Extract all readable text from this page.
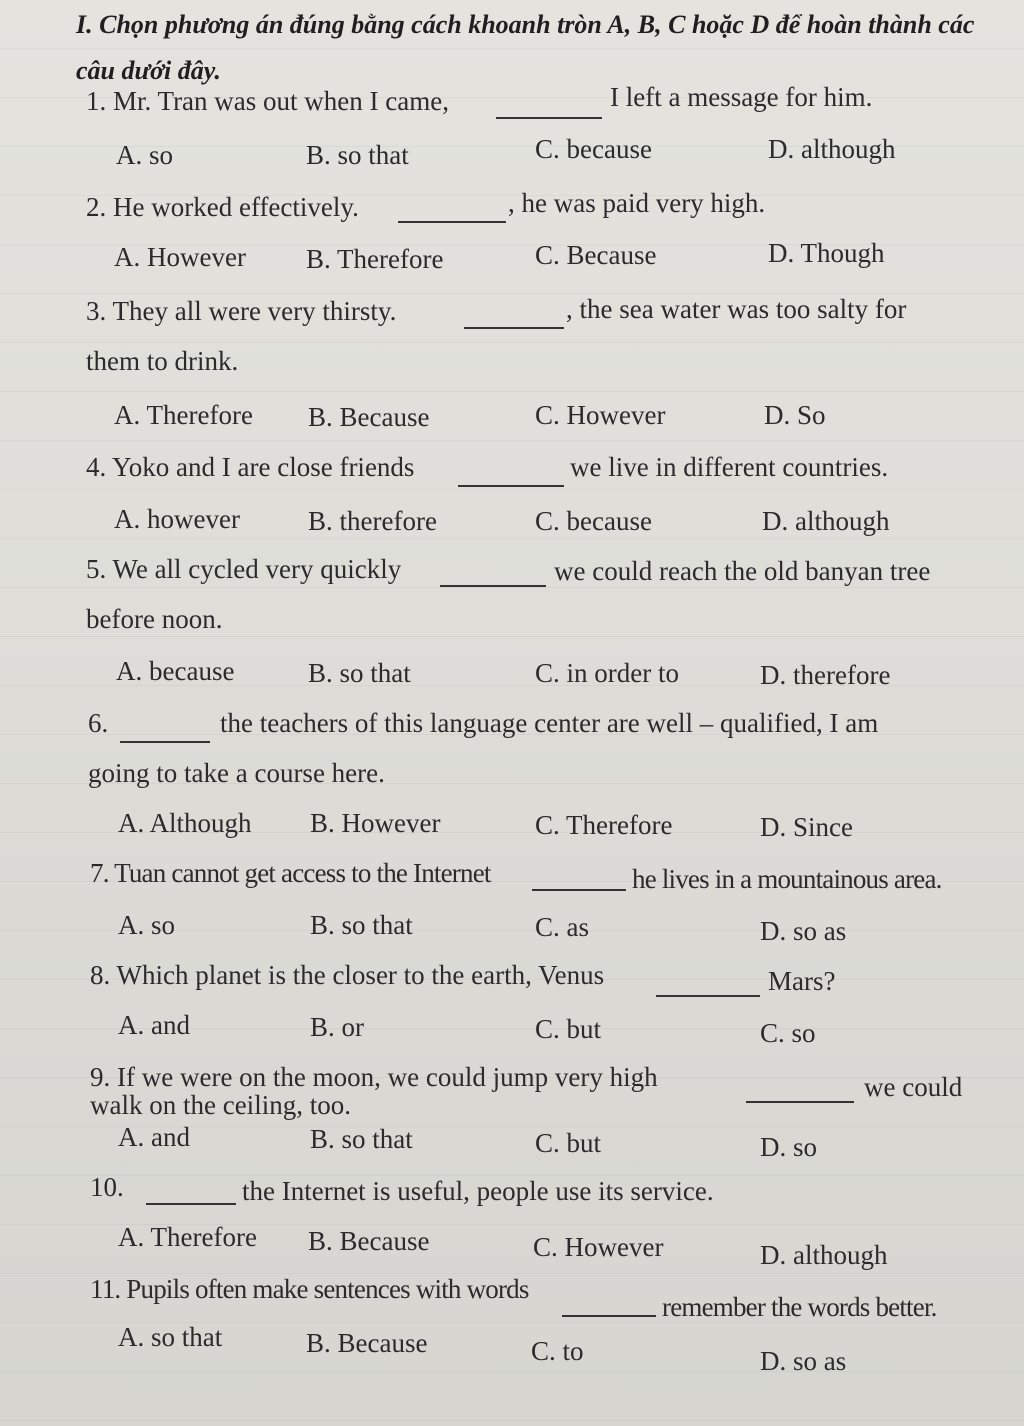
I. Chọn phương án đúng bằng cách khoanh tròn A, B, C hoặc D để hoàn thành các câu dưới đây.
1. Mr. Tran was out when I came,	I left a message for him.
A. so	B. so that	C. because	D. although
2. He worked effectively.	, he was paid very high.
A. However B. Therefore	C. Because	D. Though
3. They all were very thirsty.	, the sea water was too salty for
them to drink.
A. Therefore B. Because	C. However	D. So
4. Yoko and I are close friends	we live in different countries.
A. however	B. therefore	C. because	D. although
5. We all cycled very quickly	we could reach the old banyan tree
before noon.
A. because	B. so that	C. in order to	D. therefore
6.	the teachers of this language center are well – qualified, I am
going to take a course here.
A. Although B. However	C. Therefore	D. Since
7. Tuan cannot get access to the Internet	he lives in a mountainous area.
A. so	B. so that	C. as	D. so as
8. Which planet is the closer to the earth, Venus	Mars?
A. and	B. or	C. but	C. so
9. If we were on the moon, we could jump very high	we could
walk on the ceiling, too.
A. and	B. so that	C. but	D. so
10.	the Internet is useful, people use its service.
A. Therefore B. Because	C. However	D. although
11. Pupils often make sentences with words
remember the words better.
A. so that	B. Because	C. to	D. so as
